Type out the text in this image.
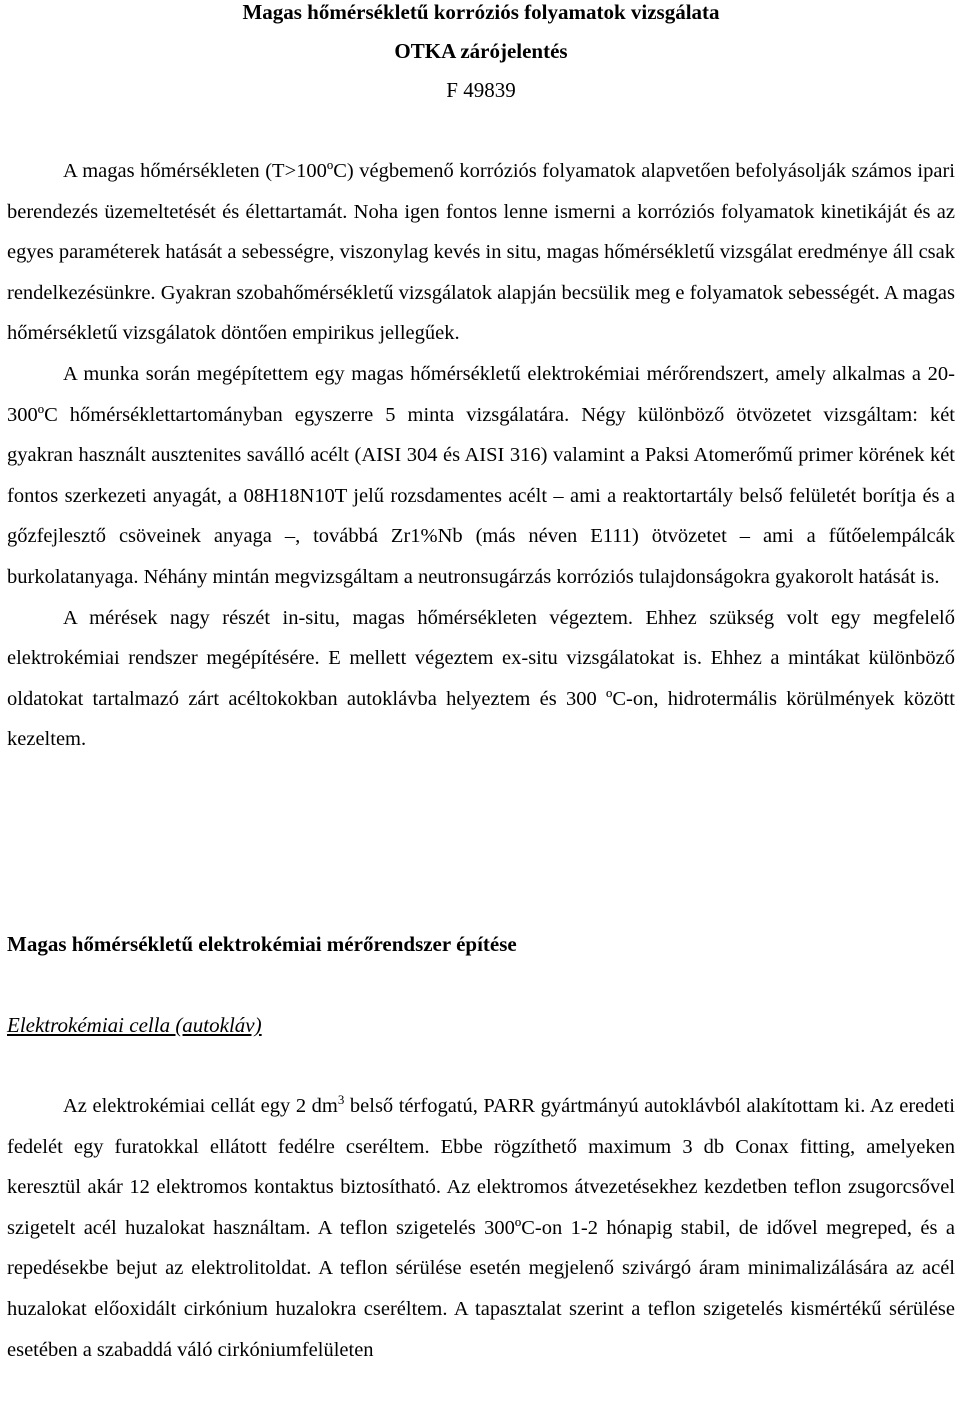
Magas hőmérsékletű korróziós folyamatok vizsgálata
OTKA zárójelentés
F 49839

A magas hőmérsékleten (T>100ºC) végbemenő korróziós folyamatok alapvetően befolyásolják számos ipari berendezés üzemeltetését és élettartamát. Noha igen fontos lenne ismerni a korróziós folyamatok kinetikáját és az egyes paraméterek hatását a sebességre, viszonylag kevés in situ, magas hőmérsékletű vizsgálat eredménye áll csak rendelkezésünkre. Gyakran szobahőmérsékletű vizsgálatok alapján becsülik meg e folyamatok sebességét. A magas hőmérsékletű vizsgálatok döntően empirikus jellegűek.

A munka során megépítettem egy magas hőmérsékletű elektrokémiai mérőrendszert, amely alkalmas a 20-300ºC hőmérséklettartományban egyszerre 5 minta vizsgálatára. Négy különböző ötvözetet vizsgáltam: két gyakran használt ausztenites saválló acélt (AISI 304 és AISI 316) valamint a Paksi Atomerőmű primer körének két fontos szerkezeti anyagát, a 08H18N10T jelű rozsdamentes acélt – ami a reaktortartály belső felületét borítja és a gőzfejlesztő csöveinek anyaga –, továbbá Zr1%Nb (más néven E111) ötvözetet – ami a fűtőelempálcák burkolatanyaga. Néhány mintán megvizsgáltam a neutronsugárzás korróziós tulajdonságokra gyakorolt hatását is.

A mérések nagy részét in-situ, magas hőmérsékleten végeztem. Ehhez szükség volt egy megfelelő elektrokémiai rendszer megépítésére. E mellett végeztem ex-situ vizsgálatokat is. Ehhez a mintákat különböző oldatokat tartalmazó zárt acéltokokban autoklávba helyeztem és 300 ºC-on, hidrotermális körülmények között kezeltem.

Magas hőmérsékletű elektrokémiai mérőrendszer építése
Elektrokémiai cella (autokláv)

Az elektrokémiai cellát egy 2 $dm^3$ belső térfogatú, PARR gyártmányú autoklávból alakítottam ki. Az eredeti fedelét egy furatokkal ellátott fedélre cseréltem. Ebbe rögzíthető maximum 3 db Conax fitting, amelyeken keresztül akár 12 elektromos kontaktus biztosítható. Az elektromos átvezetésekhez kezdetben teflon zsugorcsővel szigetelt acél huzalokat használtam. A teflon szigetelés 300ºC-on 1-2 hónapig stabil, de idővel megreped, és a repedésekbe bejut az elektrolitoldat. A teflon sérülése esetén megjelenő szivárgó áram minimalizálására az acél huzalokat előoxidált cirkónium huzalokra cseréltem. A tapasztalat szerint a teflon szigetelés kismértékű sérülése esetében a szabaddá váló cirkóniumfelületen
